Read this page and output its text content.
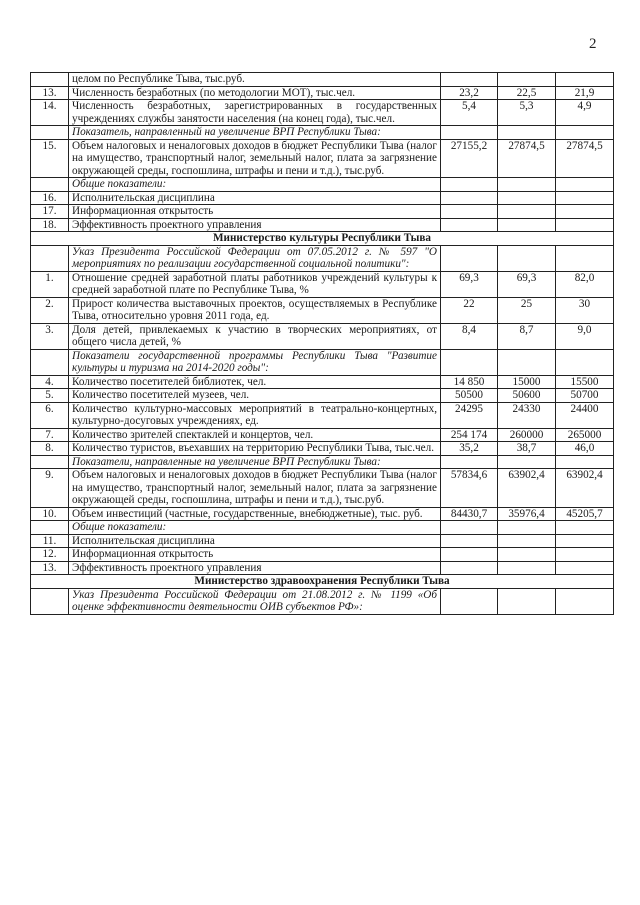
2
	целом по Республике Тыва, тыс.руб.			
13.	Численность безработных (по методологии МОТ), тыс.чел.	23,2	22,5	21,9
14.	Численность безработных, зарегистрированных в государственных учреждениях службы занятости населения (на конец года), тыс.чел.	5,4	5,3	4,9
	Показатель, направленный на увеличение ВРП Республики Тыва:			
15.	Объем налоговых и неналоговых доходов в бюджет Республики Тыва (налог на имущество, транспортный налог, земельный налог, плата за загрязнение окружающей среды, госпошлина, штрафы и пени и т.д.), тыс.руб.	27155,2	27874,5	27874,5
	Общие показатели:			
16.	Исполнительская дисциплина			
17.	Информационная открытость			
18.	Эффективность проектного управления			
Министерство культуры Республики Тыва				
	Указ Президента Российской Федерации от 07.05.2012 г. № 597 "О мероприятиях по реализации государственной социальной политики":			
1.	Отношение средней заработной платы работников учреждений культуры к средней заработной плате по Республике Тыва, %	69,3	69,3	82,0
2.	Прирост количества выставочных проектов, осуществляемых в Республике Тыва, относительно уровня 2011 года, ед.	22	25	30
3.	Доля детей, привлекаемых к участию в творческих мероприятиях, от общего числа детей, %	8,4	8,7	9,0
	Показатели государственной программы Республики Тыва "Развитие культуры и туризма на 2014-2020 годы":			
4.	Количество посетителей библиотек, чел.	14 850	15000	15500
5.	Количество посетителей музеев, чел.	50500	50600	50700
6.	Количество культурно-массовых мероприятий в театрально-концертных, культурно-досуговых учреждениях, ед.	24295	24330	24400
7.	Количество зрителей спектаклей и концертов, чел.	254 174	260000	265000
8.	Количество туристов, въехавших на территорию Республики Тыва, тыс.чел.	35,2	38,7	46,0
	Показатели, направленные на увеличение ВРП Республики Тыва:			
9.	Объем налоговых и неналоговых доходов в бюджет Республики Тыва (налог на имущество, транспортный налог, земельный налог, плата за загрязнение окружающей среды, госпошлина, штрафы и пени и т.д.), тыс.руб.	57834,6	63902,4	63902,4
10.	Объем инвестиций (частные, государственные, внебюджетные), тыс. руб.	84430,7	35976,4	45205,7
	Общие показатели:			
11.	Исполнительская дисциплина			
12.	Информационная открытость			
13.	Эффективность проектного управления			
Министерство здравоохранения Республики Тыва				
	Указ Президента Российской Федерации от 21.08.2012 г. № 1199 «Об оценке эффективности деятельности ОИВ субъектов РФ»:			
